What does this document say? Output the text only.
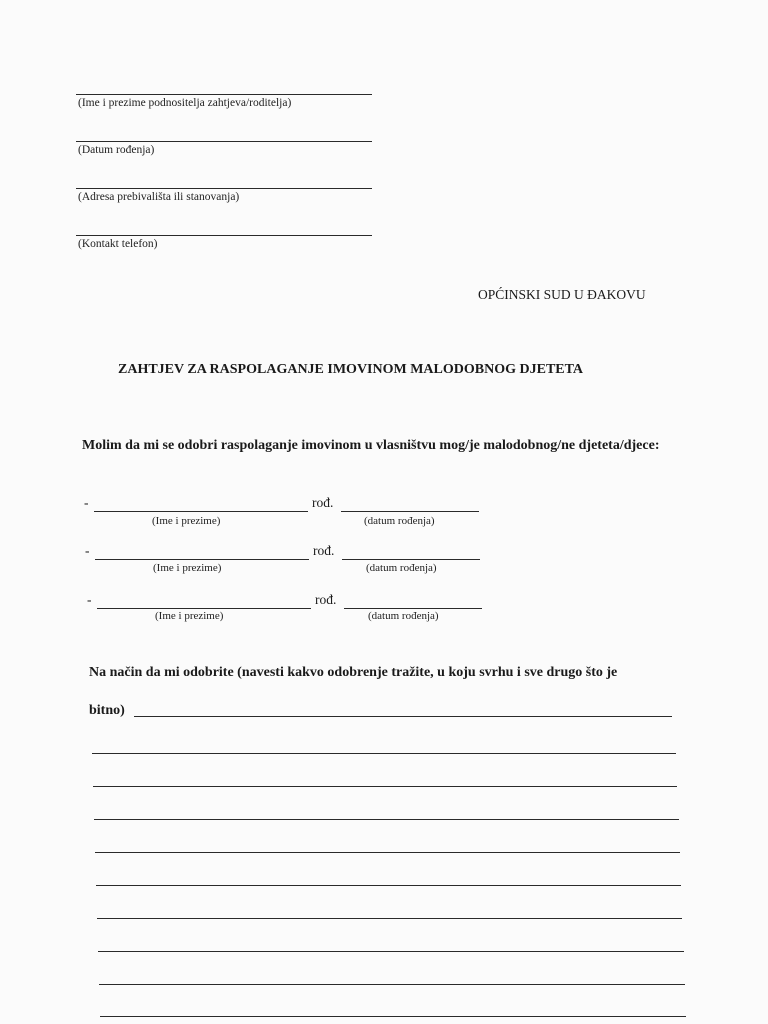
(Ime i prezime podnositelja zahtjeva/roditelja)
(Datum rođenja)
(Adresa prebivališta ili stanovanja)
(Kontakt telefon)
OPĆINSKI SUD U ĐAKOVU
ZAHTJEV ZA RASPOLAGANJE IMOVINOM MALODOBNOG DJETETA
Molim da mi se odobri raspolaganje imovinom u vlasništvu mog/je malodobnog/ne djeteta/djece:
-	rođ.
(Ime i prezime)	(datum rođenja)
-	rođ.
(Ime i prezime)	(datum rođenja)
-	rođ.
(Ime i prezime)	(datum rođenja)
Na način da mi odobrite (navesti kakvo odobrenje tražite, u koju svrhu i sve drugo što je
bitno)
